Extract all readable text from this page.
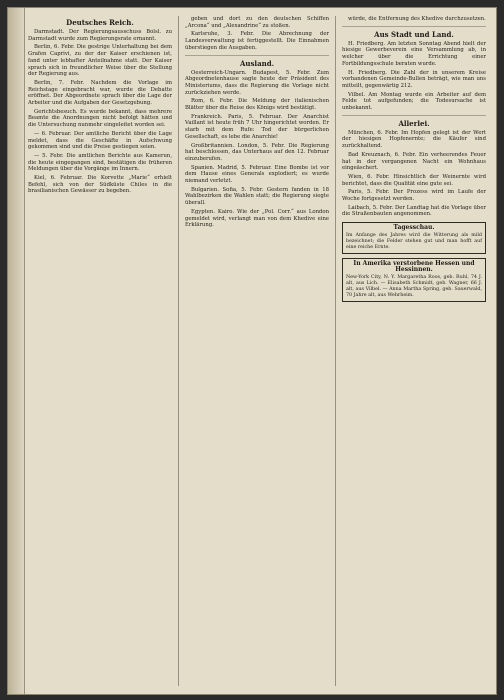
Deutsches Reich.

Darmstadt. Der Regierungsausschuss Bolsl. zu Darmstadt wurde zum Regierungsrate ernannt.

Berlin, 6. Febr. Die gestrige Unterhaltung bei dem Grafen Caprivi, zu der der Kaiser erschienen ist, fand unter lebhafter Anteilnahme statt. Der Kaiser sprach sich in freundlicher Weise über die Stellung der Regierung aus.

Berlin, 7. Febr. Nachdem die Vorlage im Reichstage eingebracht war, wurde die Debatte eröffnet. Der Abgeordnete sprach über die Lage der Arbeiter und die Aufgaben der Gesetzgebung.

Gerichtsbesuch. Es wurde bekannt, dass mehrere Beamte die Anordnungen nicht befolgt hätten und die Untersuchung nunmehr eingeleitet worden sei.

— 6. Februar. Der amtliche Bericht über die Lage meldet, dass die Geschäfte in Aufschwung gekommen sind und die Preise gestiegen seien.

— 5. Febr. Die amtlichen Berichte aus Kamerun, die heute eingegangen sind, bestätigen die früheren Meldungen über die Vorgänge im Innern.

Kiel, 6. Februar. Die Korvette „Marie“ erhielt Befehl, sich von der Südküste Chiles in die brasilianischen Gewässer zu begeben.

geben und dort zu den deutschen Schiffen „Arcona“ und „Alexandrine“ zu stoßen.

Karlsruhe, 3. Febr. Die Abrechnung der Landesverwaltung ist fertiggestellt. Die Einnahmen überstiegen die Ausgaben.

Ausland.

Oesterreich-Ungarn. Budapest, 5. Febr. Zum Abgeordnetenhause sagte heute der Präsident des Ministeriums, dass die Regierung die Vorlage nicht zurückziehen werde.

Rom, 6. Febr. Die Meldung der italienischen Blätter über die Reise des Königs wird bestätigt.

Frankreich. Paris, 5. Februar. Der Anarchist Vaillant ist heute früh 7 Uhr hingerichtet worden. Er starb mit dem Rufe: Tod der bürgerlichen Gesellschaft, es lebe die Anarchie!

Großbritannien. London, 5. Febr. Die Regierung hat beschlossen, das Unterhaus auf den 12. Februar einzuberufen.

Spanien. Madrid, 5. Februar. Eine Bombe ist vor dem Hause eines Generals explodiert; es wurde niemand verletzt.

Bulgarien. Sofia, 5. Febr. Gestern fanden in 18 Wahlbezirken die Wahlen statt; die Regierung siegte überall.

Egypten. Kairo. Wie der „Pol. Corr.“ aus London gemeldet wird, verlangt man von dem Khedive eine Erklärung.

würde, die Entfernung des Khedive durchzusetzen.

Aus Stadt und Land.

H. Friedberg. Am letzten Sonntag Abend hielt der hiesige Gewerbeverein eine Versammlung ab, in welcher über die Errichtung einer Fortbildungsschule beraten wurde.

H. Friedberg. Die Zahl der in unserem Kreise vorhandenen Gemeinde-Bullen beträgt, wie man uns mitteilt, gegenwärtig 212.

Vilbel. Am Montag wurde ein Arbeiter auf dem Felde tot aufgefunden; die Todesursache ist unbekannt.

Allerlei.

München, 6. Febr. Im Hopfen gelegt ist der Wert der hiesigen Hopfenernte; die Käufer sind zurückhaltend.

Bad Kreuznach, 6. Febr. Ein verheerendes Feuer hat in der vergangenen Nacht ein Wohnhaus eingeäschert.

Wien, 6. Febr. Hinsichtlich der Weinernte wird berichtet, dass die Qualität eine gute sei.

Paris, 5. Febr. Der Prozess wird im Laufe der Woche fortgesetzt werden.

Laibach, 5. Febr. Der Landtag hat die Vorlage über die Straßenbauten angenommen.

Tagesschau.
Im Anfange des Jahres wird die Witterung als mild bezeichnet; die Felder stehen gut und man hofft auf eine reiche Ernte.
In Amerika verstorbene Hessen und Hessinnen.
New-York City, N. Y. Margaretha Roos, geb. Ruhl, 74 J. alt, aus Lich. — Elisabeth Schmidt, geb. Wagner, 66 J. alt, aus Vilbel. — Anna Martha Spring, geb. Sauerwald, 70 Jahre alt, aus Wehrheim.
